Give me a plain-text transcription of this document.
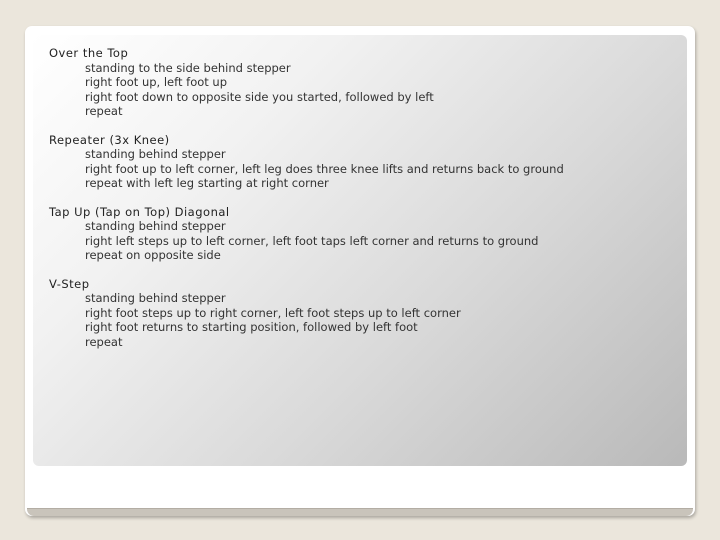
Over the Top
standing to the side behind stepper
right foot up, left foot up
right foot down to opposite side you started, followed by left
repeat
Repeater (3x Knee)
standing behind stepper
right foot up to left corner, left leg does three knee lifts and returns back to ground
repeat with left leg starting at right corner
Tap Up (Tap on Top) Diagonal
standing behind stepper
right left steps up to left corner, left foot taps left corner and returns to ground
repeat on opposite side
V-Step
standing behind stepper
right foot steps up to right corner, left foot steps up to left corner
right foot returns to starting position, followed by left foot
repeat
